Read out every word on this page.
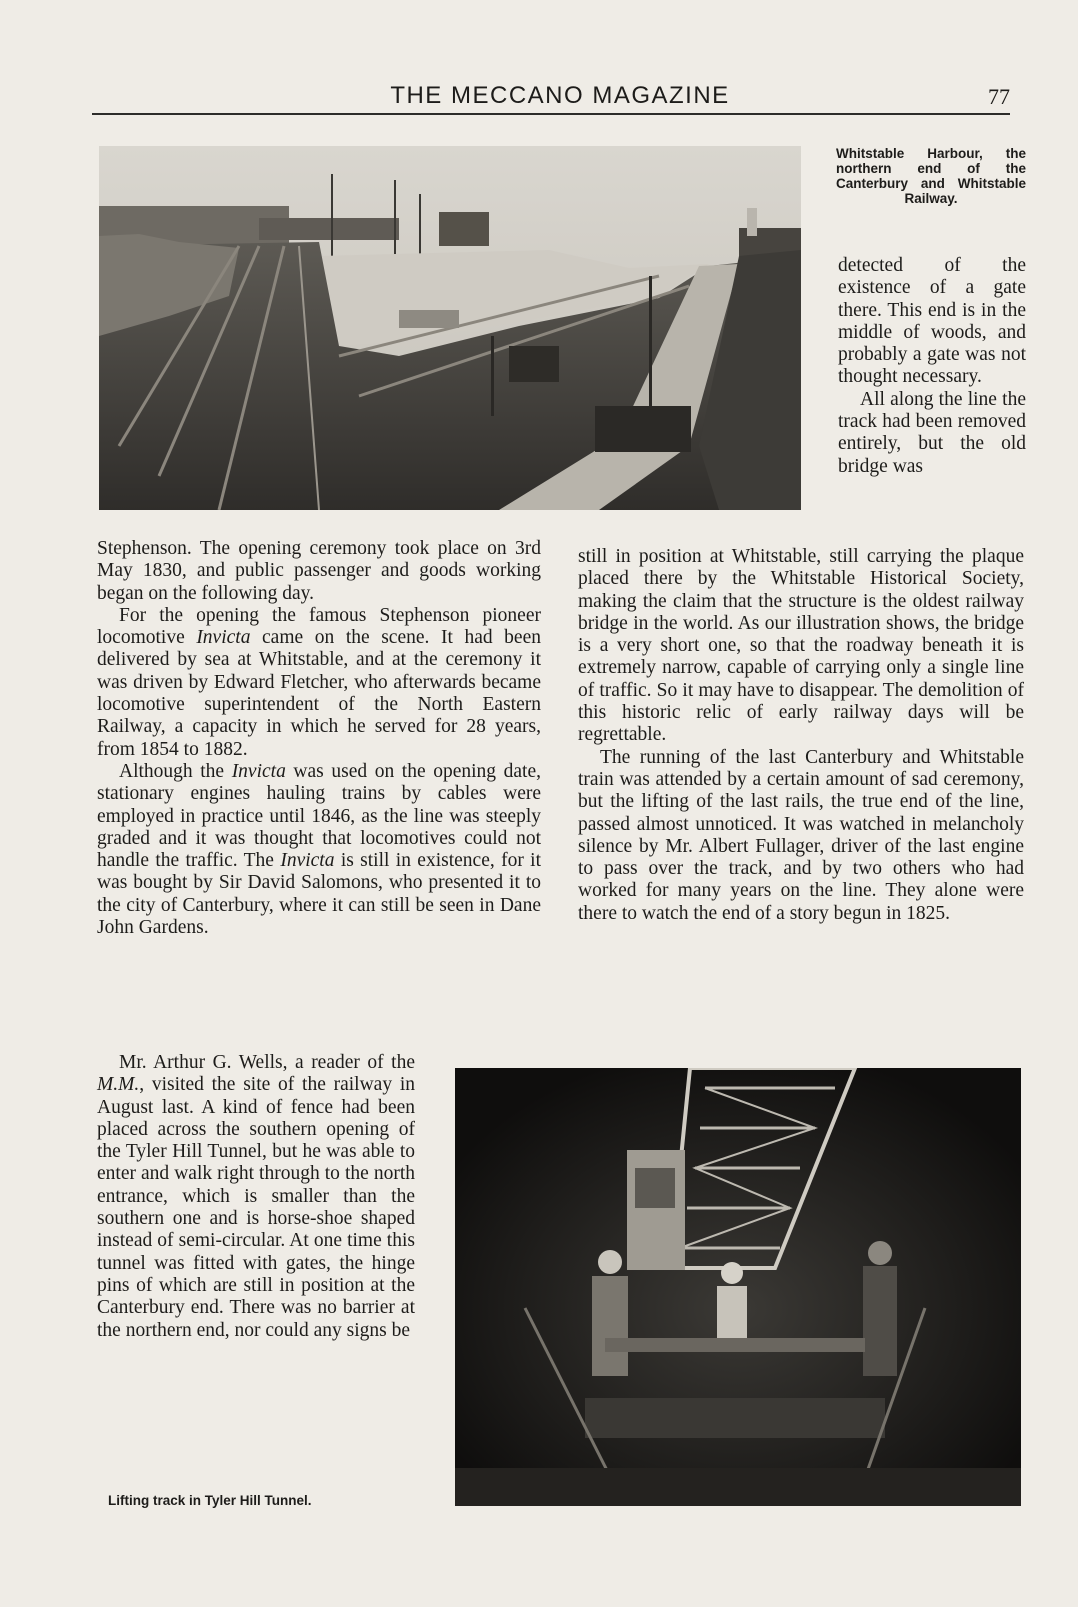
THE MECCANO MAGAZINE	77
Whitstable Harbour, the northern end of the Canterbury and Whitstable Railway.

detected of the existence of a gate there. This end is in the middle of woods, and probably a gate was not thought necessary.

All along the line the track had been removed entirely, but the old bridge was

Stephenson. The opening ceremony took place on 3rd May 1830, and public passenger and goods working began on the following day.

For the opening the famous Stephenson pioneer locomotive Invicta came on the scene. It had been delivered by sea at Whitstable, and at the ceremony it was driven by Edward Fletcher, who afterwards became locomotive superintendent of the North Eastern Railway, a capacity in which he served for 28 years, from 1854 to 1882.

Although the Invicta was used on the opening date, stationary engines hauling trains by cables were employed in practice until 1846, as the line was steeply graded and it was thought that locomotives could not handle the traffic. The Invicta is still in existence, for it was bought by Sir David Salomons, who presented it to the city of Canterbury, where it can still be seen in Dane John Gardens.

Mr. Arthur G. Wells, a reader of the M.M., visited the site of the railway in August last. A kind of fence had been placed across the southern opening of the Tyler Hill Tunnel, but he was able to enter and walk right through to the north entrance, which is smaller than the southern one and is horse-shoe shaped instead of semi-circular. At one time this tunnel was fitted with gates, the hinge pins of which are still in position at the Canterbury end. There was no barrier at the northern end, nor could any signs be

still in position at Whitstable, still carrying the plaque placed there by the Whitstable Historical Society, making the claim that the structure is the oldest railway bridge in the world. As our illustration shows, the bridge is a very short one, so that the roadway beneath it is extremely narrow, capable of carrying only a single line of traffic. So it may have to disappear. The demolition of this historic relic of early railway days will be regrettable.

The running of the last Canterbury and Whitstable train was attended by a certain amount of sad ceremony, but the lifting of the last rails, the true end of the line, passed almost unnoticed. It was watched in melancholy silence by Mr. Albert Fullager, driver of the last engine to pass over the track, and by two others who had worked for many years on the line. They alone were there to watch the end of a story begun in 1825.

Lifting track in Tyler Hill Tunnel.
